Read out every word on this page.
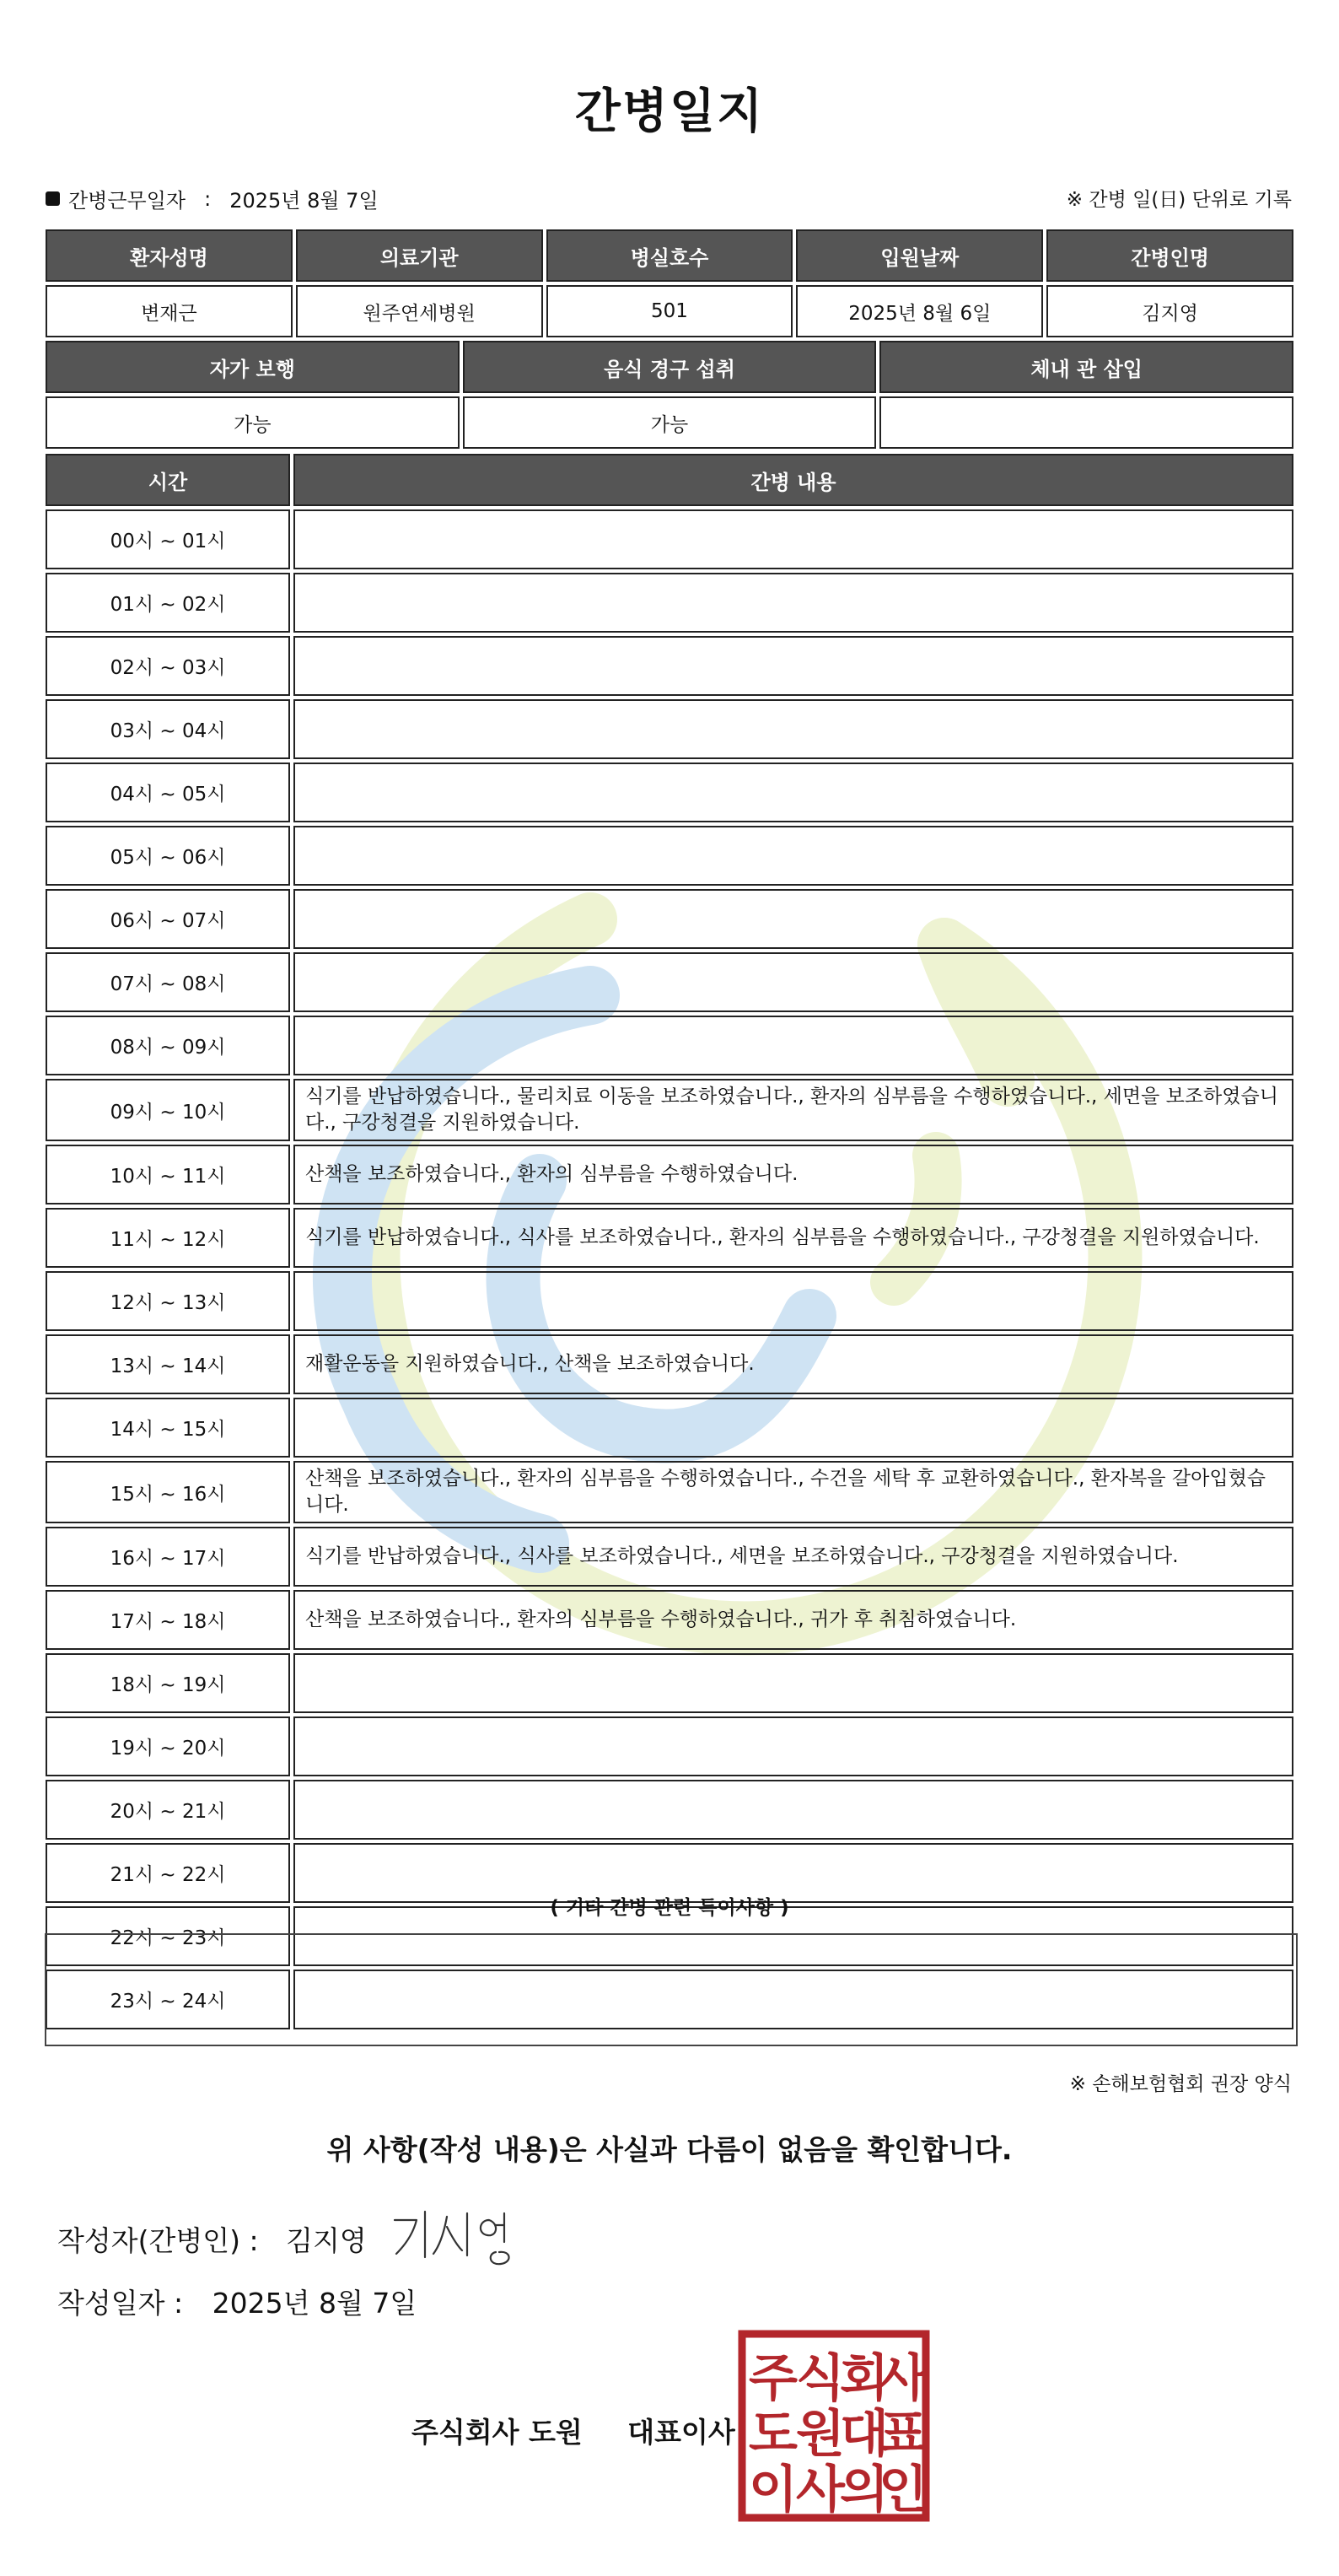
간병일지
간병근무일자 : 2025년 8월 7일	※ 간병 일(日) 단위로 기록
환자성명	의료기관	병실호수	입원날짜	간병인명
변재근	원주연세병원	501	2025년 8월 6일	김지영
자가 보행	음식 경구 섭취	체내 관 삽입
가능	가능	
시간	간병 내용
00시 ~ 01시	
01시 ~ 02시	
02시 ~ 03시	
03시 ~ 04시	
04시 ~ 05시	
05시 ~ 06시	
06시 ~ 07시	
07시 ~ 08시	
08시 ~ 09시	
09시 ~ 10시	식기를 반납하였습니다., 물리치료 이동을 보조하였습니다., 환자의 심부름을 수행하였습니다., 세면을 보조하였습니다., 구강청결을 지원하였습니다.
10시 ~ 11시	산책을 보조하였습니다., 환자의 심부름을 수행하였습니다.
11시 ~ 12시	식기를 반납하였습니다., 식사를 보조하였습니다., 환자의 심부름을 수행하였습니다., 구강청결을 지원하였습니다.
12시 ~ 13시	
13시 ~ 14시	재활운동을 지원하였습니다., 산책을 보조하였습니다.
14시 ~ 15시	
15시 ~ 16시	산책을 보조하였습니다., 환자의 심부름을 수행하였습니다., 수건을 세탁 후 교환하였습니다., 환자복을 갈아입혔습니다.
16시 ~ 17시	식기를 반납하였습니다., 식사를 보조하였습니다., 세면을 보조하였습니다., 구강청결을 지원하였습니다.
17시 ~ 18시	산책을 보조하였습니다., 환자의 심부름을 수행하였습니다., 귀가 후 취침하였습니다.
18시 ~ 19시	
19시 ~ 20시	
20시 ~ 21시	
21시 ~ 22시	
22시 ~ 23시	
23시 ~ 24시	
( 기타 간병 관련 특이사항 )
※ 손해보험협회 권장 양식
위 사항(작성 내용)은 사실과 다름이 없음을 확인합니다.
작성자(간병인) : 김지영
작성일자 : 2025년 8월 7일
주식회사 도원 대표이사
주
식
회
사
도
원
대
표
이
사
의
인
